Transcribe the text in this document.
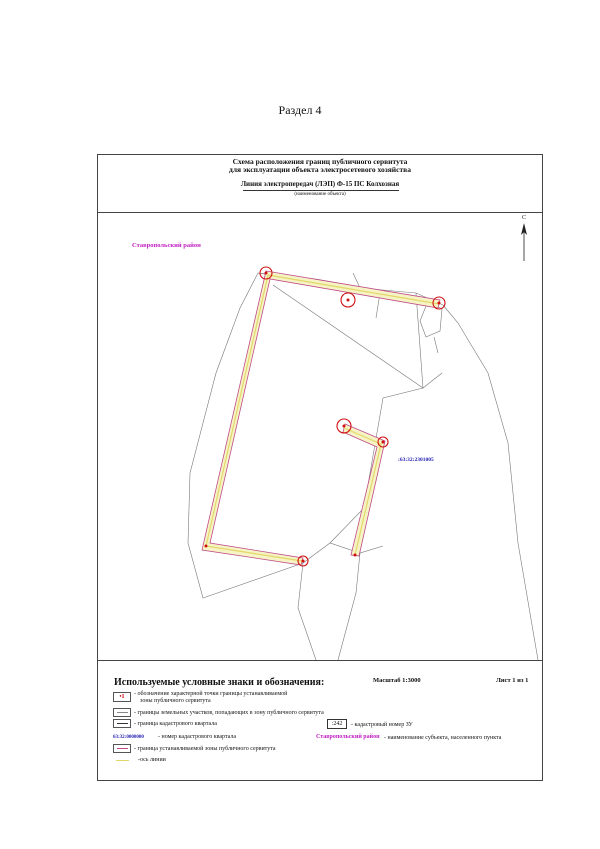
Раздел 4
Схема расположения границ публичного сервитута
для эксплуатации объекта электросетевого хозяйства
Линия электропередач (ЛЭП) Ф-15 ПС Колхозная
(наименование объекта)
·	·
·
·
·
·
·
·
·
·
·
·
·
·
Ставропольский район
:63:32:2301005
С
Используемые условные знаки и обозначения:	Масштаб 1:3000	Лист 1 из 1
•1	- обозначение характерной точки границы устанавливаемой
зоны публичного сервитута
- границы земельных участков, попадающих в зону публичного сервитута
- граница кадастрового квартала	:242	- кадастровый номер ЗУ
63:32:0000000 - номер кадастрового квартала	Ставропольский район - наименование субъекта, населенного пункта
- граница устанавливаемой зоны публичного сервитута
-ось линии
